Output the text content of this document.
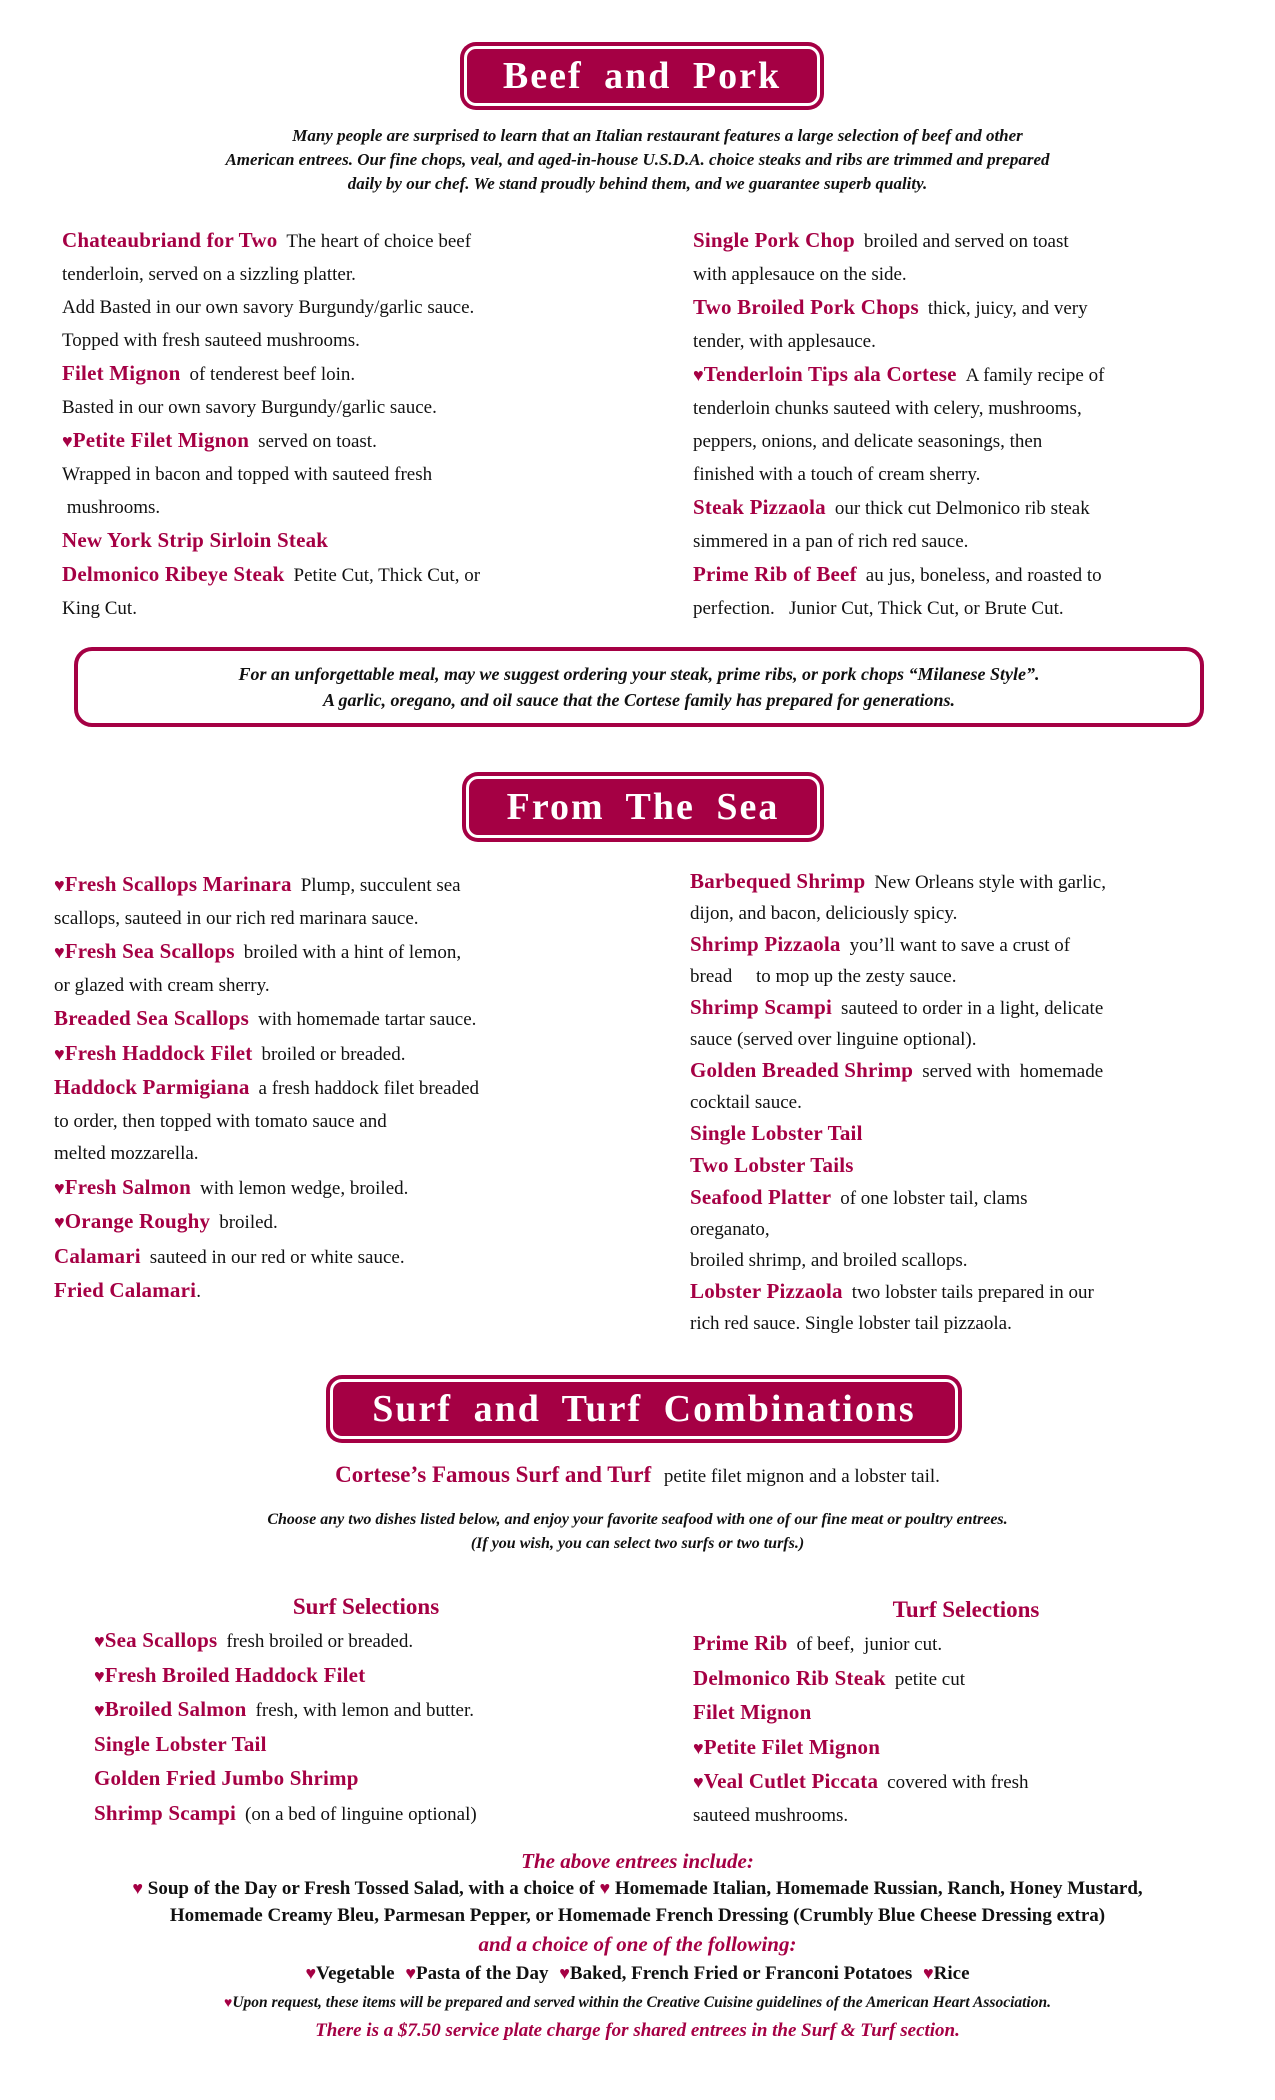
Beef and Pork
Many people are surprised to learn that an Italian restaurant features a large selection of beef and other
American entrees. Our fine chops, veal, and aged-in-house U.S.D.A. choice steaks and ribs are trimmed and prepared
daily by our chef. We stand proudly behind them, and we guarantee superb quality.
Chateaubriand for Two The heart of choice beef
tenderloin, served on a sizzling platter.
Add Basted in our own savory Burgundy/garlic sauce.
Topped with fresh sauteed mushrooms.
Filet Mignon of tenderest beef loin.
Basted in our own savory Burgundy/garlic sauce.
♥Petite Filet Mignon served on toast.
Wrapped in bacon and topped with sauteed fresh
mushrooms.
New York Strip Sirloin Steak
Delmonico Ribeye Steak Petite Cut, Thick Cut, or
King Cut.
Single Pork Chop broiled and served on toast
with applesauce on the side.
Two Broiled Pork Chops thick, juicy, and very
tender, with applesauce.
♥Tenderloin Tips ala Cortese A family recipe of
tenderloin chunks sauteed with celery, mushrooms,
peppers, onions, and delicate seasonings, then
finished with a touch of cream sherry.
Steak Pizzaola our thick cut Delmonico rib steak
simmered in a pan of rich red sauce.
Prime Rib of Beef au jus, boneless, and roasted to
perfection.   Junior Cut, Thick Cut, or Brute Cut.
For an unforgettable meal, may we suggest ordering your steak, prime ribs, or pork chops “Milanese Style”.
A garlic, oregano, and oil sauce that the Cortese family has prepared for generations.
From The Sea
♥Fresh Scallops Marinara Plump, succulent sea
scallops, sauteed in our rich red marinara sauce.
♥Fresh Sea Scallops broiled with a hint of lemon,
or glazed with cream sherry.
Breaded Sea Scallops with homemade tartar sauce.
♥Fresh Haddock Filet broiled or breaded.
Haddock Parmigiana a fresh haddock filet breaded
to order, then topped with tomato sauce and
melted mozzarella.
♥Fresh Salmon with lemon wedge, broiled.
♥Orange Roughy broiled.
Calamari sauteed in our red or white sauce.
Fried Calamari.
Barbequed Shrimp New Orleans style with garlic,
dijon, and bacon, deliciously spicy.
Shrimp Pizzaola you’ll want to save a crust of
bread     to mop up the zesty sauce.
Shrimp Scampi sauteed to order in a light, delicate
sauce (served over linguine optional).
Golden Breaded Shrimp served with  homemade
cocktail sauce.
Single Lobster Tail
Two Lobster Tails
Seafood Platter of one lobster tail, clams
oreganato,
broiled shrimp, and broiled scallops.
Lobster Pizzaola two lobster tails prepared in our
rich red sauce. Single lobster tail pizzaola.
Surf and Turf Combinations
Cortese’s Famous Surf and Turf petite filet mignon and a lobster tail.
Choose any two dishes listed below, and enjoy your favorite seafood with one of our fine meat or poultry entrees.
(If you wish, you can select two surfs or two turfs.)
Surf Selections
♥Sea Scallops fresh broiled or breaded.
♥Fresh Broiled Haddock Filet
♥Broiled Salmon fresh, with lemon and butter.
Single Lobster Tail
Golden Fried Jumbo Shrimp
Shrimp Scampi (on a bed of linguine optional)
Turf Selections
Prime Rib of beef,  junior cut.
Delmonico Rib Steak petite cut
Filet Mignon
♥Petite Filet Mignon
♥Veal Cutlet Piccata covered with fresh
sauteed mushrooms.
The above entrees include:
♥ Soup of the Day or Fresh Tossed Salad, with a choice of ♥ Homemade Italian, Homemade Russian, Ranch, Honey Mustard,
Homemade Creamy Bleu, Parmesan Pepper, or Homemade French Dressing (Crumbly Blue Cheese Dressing extra)
and a choice of one of the following:
♥Vegetable ♥Pasta of the Day ♥Baked, French Fried or Franconi Potatoes ♥Rice
♥Upon request, these items will be prepared and served within the Creative Cuisine guidelines of the American Heart Association.
There is a $7.50 service plate charge for shared entrees in the Surf & Turf section.
